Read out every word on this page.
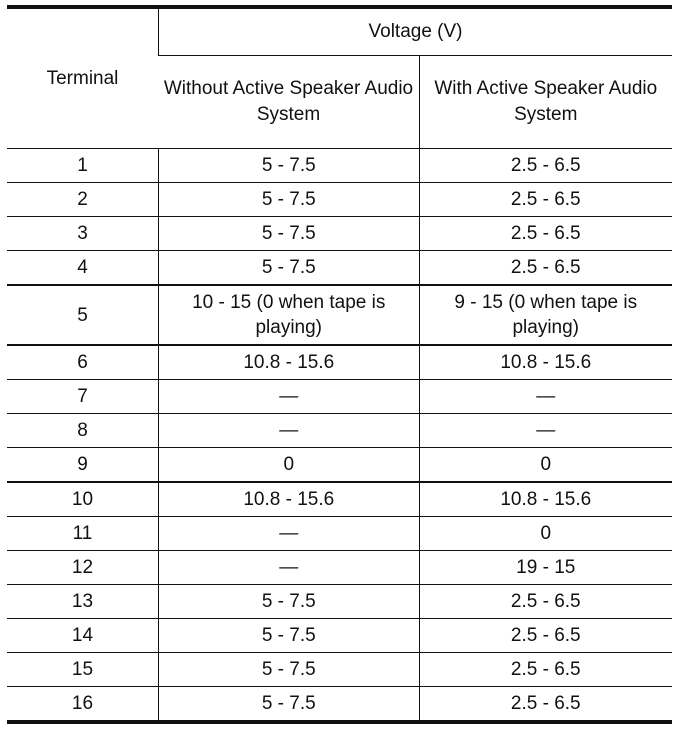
Terminal	Voltage (V)	
	Without Active Speaker Audio System	With Active Speaker Audio System
1	5 - 7.5	2.5 - 6.5
2	5 - 7.5	2.5 - 6.5
3	5 - 7.5	2.5 - 6.5
4	5 - 7.5	2.5 - 6.5
5	10 - 15 (0 when tape is playing)	9 - 15 (0 when tape is playing)
6	10.8 - 15.6	10.8 - 15.6
7	—	—
8	—	—
9	0	0
10	10.8 - 15.6	10.8 - 15.6
11	—	0
12	—	19 - 15
13	5 - 7.5	2.5 - 6.5
14	5 - 7.5	2.5 - 6.5
15	5 - 7.5	2.5 - 6.5
16	5 - 7.5	2.5 - 6.5
